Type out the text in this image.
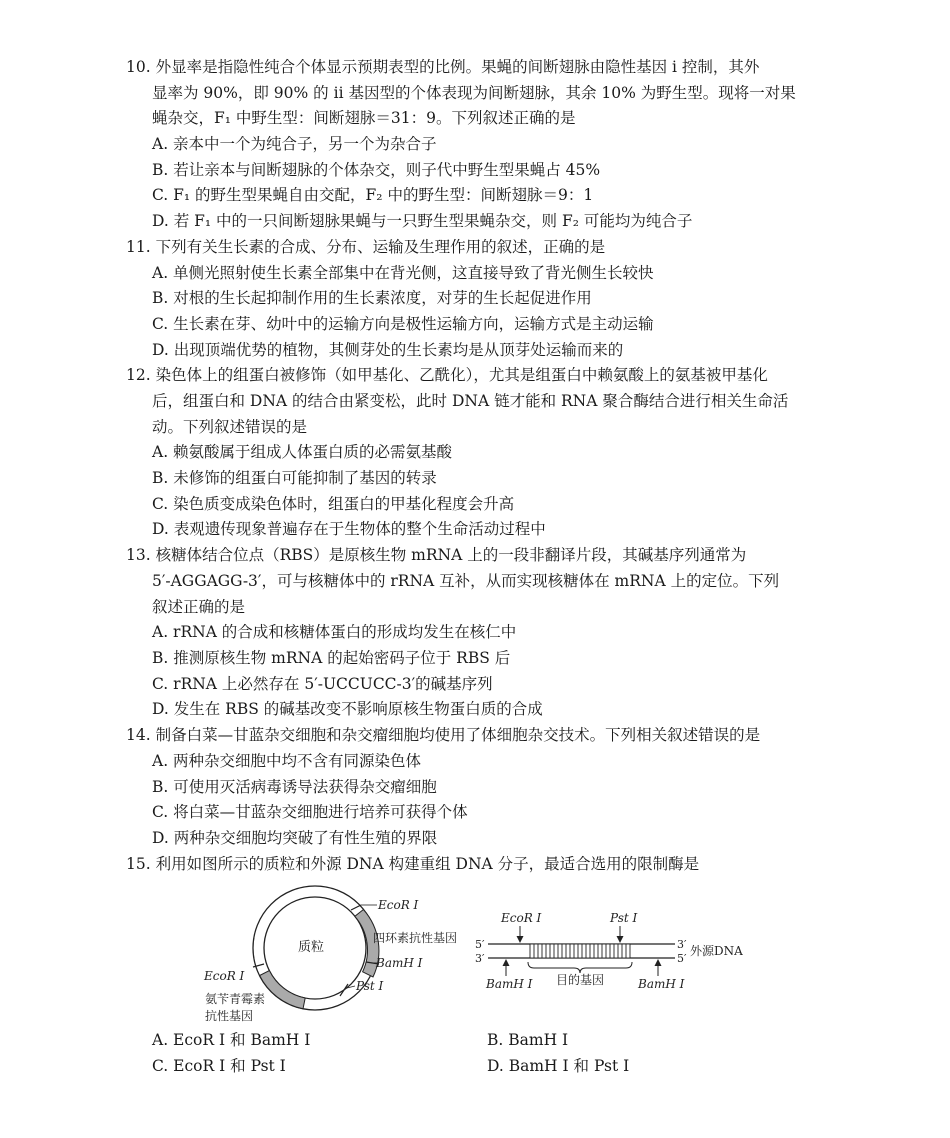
10. 外显率是指隐性纯合个体显示预期表型的比例。果蝇的间断翅脉由隐性基因 i 控制，其外
显率为 90%，即 90% 的 ii 基因型的个体表现为间断翅脉，其余 10% 为野生型。现将一对果
蝇杂交，F₁ 中野生型：间断翅脉＝31：9。下列叙述正确的是
A. 亲本中一个为纯合子，另一个为杂合子
B. 若让亲本与间断翅脉的个体杂交，则子代中野生型果蝇占 45%
C. F₁ 的野生型果蝇自由交配，F₂ 中的野生型：间断翅脉＝9：1
D. 若 F₁ 中的一只间断翅脉果蝇与一只野生型果蝇杂交，则 F₂ 可能均为纯合子
11. 下列有关生长素的合成、分布、运输及生理作用的叙述，正确的是
A. 单侧光照射使生长素全部集中在背光侧，这直接导致了背光侧生长较快
B. 对根的生长起抑制作用的生长素浓度，对芽的生长起促进作用
C. 生长素在芽、幼叶中的运输方向是极性运输方向，运输方式是主动运输
D. 出现顶端优势的植物，其侧芽处的生长素均是从顶芽处运输而来的
12. 染色体上的组蛋白被修饰（如甲基化、乙酰化），尤其是组蛋白中赖氨酸上的氨基被甲基化
后，组蛋白和 DNA 的结合由紧变松，此时 DNA 链才能和 RNA 聚合酶结合进行相关生命活
动。下列叙述错误的是
A. 赖氨酸属于组成人体蛋白质的必需氨基酸
B. 未修饰的组蛋白可能抑制了基因的转录
C. 染色质变成染色体时，组蛋白的甲基化程度会升高
D. 表观遗传现象普遍存在于生物体的整个生命活动过程中
13. 核糖体结合位点（RBS）是原核生物 mRNA 上的一段非翻译片段，其碱基序列通常为
5′-AGGAGG-3′，可与核糖体中的 rRNA 互补，从而实现核糖体在 mRNA 上的定位。下列
叙述正确的是
A. rRNA 的合成和核糖体蛋白的形成均发生在核仁中
B. 推测原核生物 mRNA 的起始密码子位于 RBS 后
C. rRNA 上必然存在 5′-UCCUCC-3′的碱基序列
D. 发生在 RBS 的碱基改变不影响原核生物蛋白质的合成
14. 制备白菜—甘蓝杂交细胞和杂交瘤细胞均使用了体细胞杂交技术。下列相关叙述错误的是
A. 两种杂交细胞中均不含有同源染色体
B. 可使用灭活病毒诱导法获得杂交瘤细胞
C. 将白菜—甘蓝杂交细胞进行培养可获得个体
D. 两种杂交细胞均突破了有性生殖的界限
15. 利用如图所示的质粒和外源 DNA 构建重组 DNA 分子，最适合选用的限制酶是
质粒
EcoR Ⅰ
四环素抗性基因
BamH Ⅰ
Pst Ⅰ
EcoR Ⅰ
氨苄青霉素
抗性基因
EcoR Ⅰ	Pst Ⅰ
BamH Ⅰ	BamH Ⅰ
目的基因
5′
3′
3′
5′
外源DNA
A. EcoR Ⅰ 和 BamH Ⅰ	B. BamH Ⅰ
C. EcoR Ⅰ 和 Pst Ⅰ	D. BamH Ⅰ 和 Pst Ⅰ
